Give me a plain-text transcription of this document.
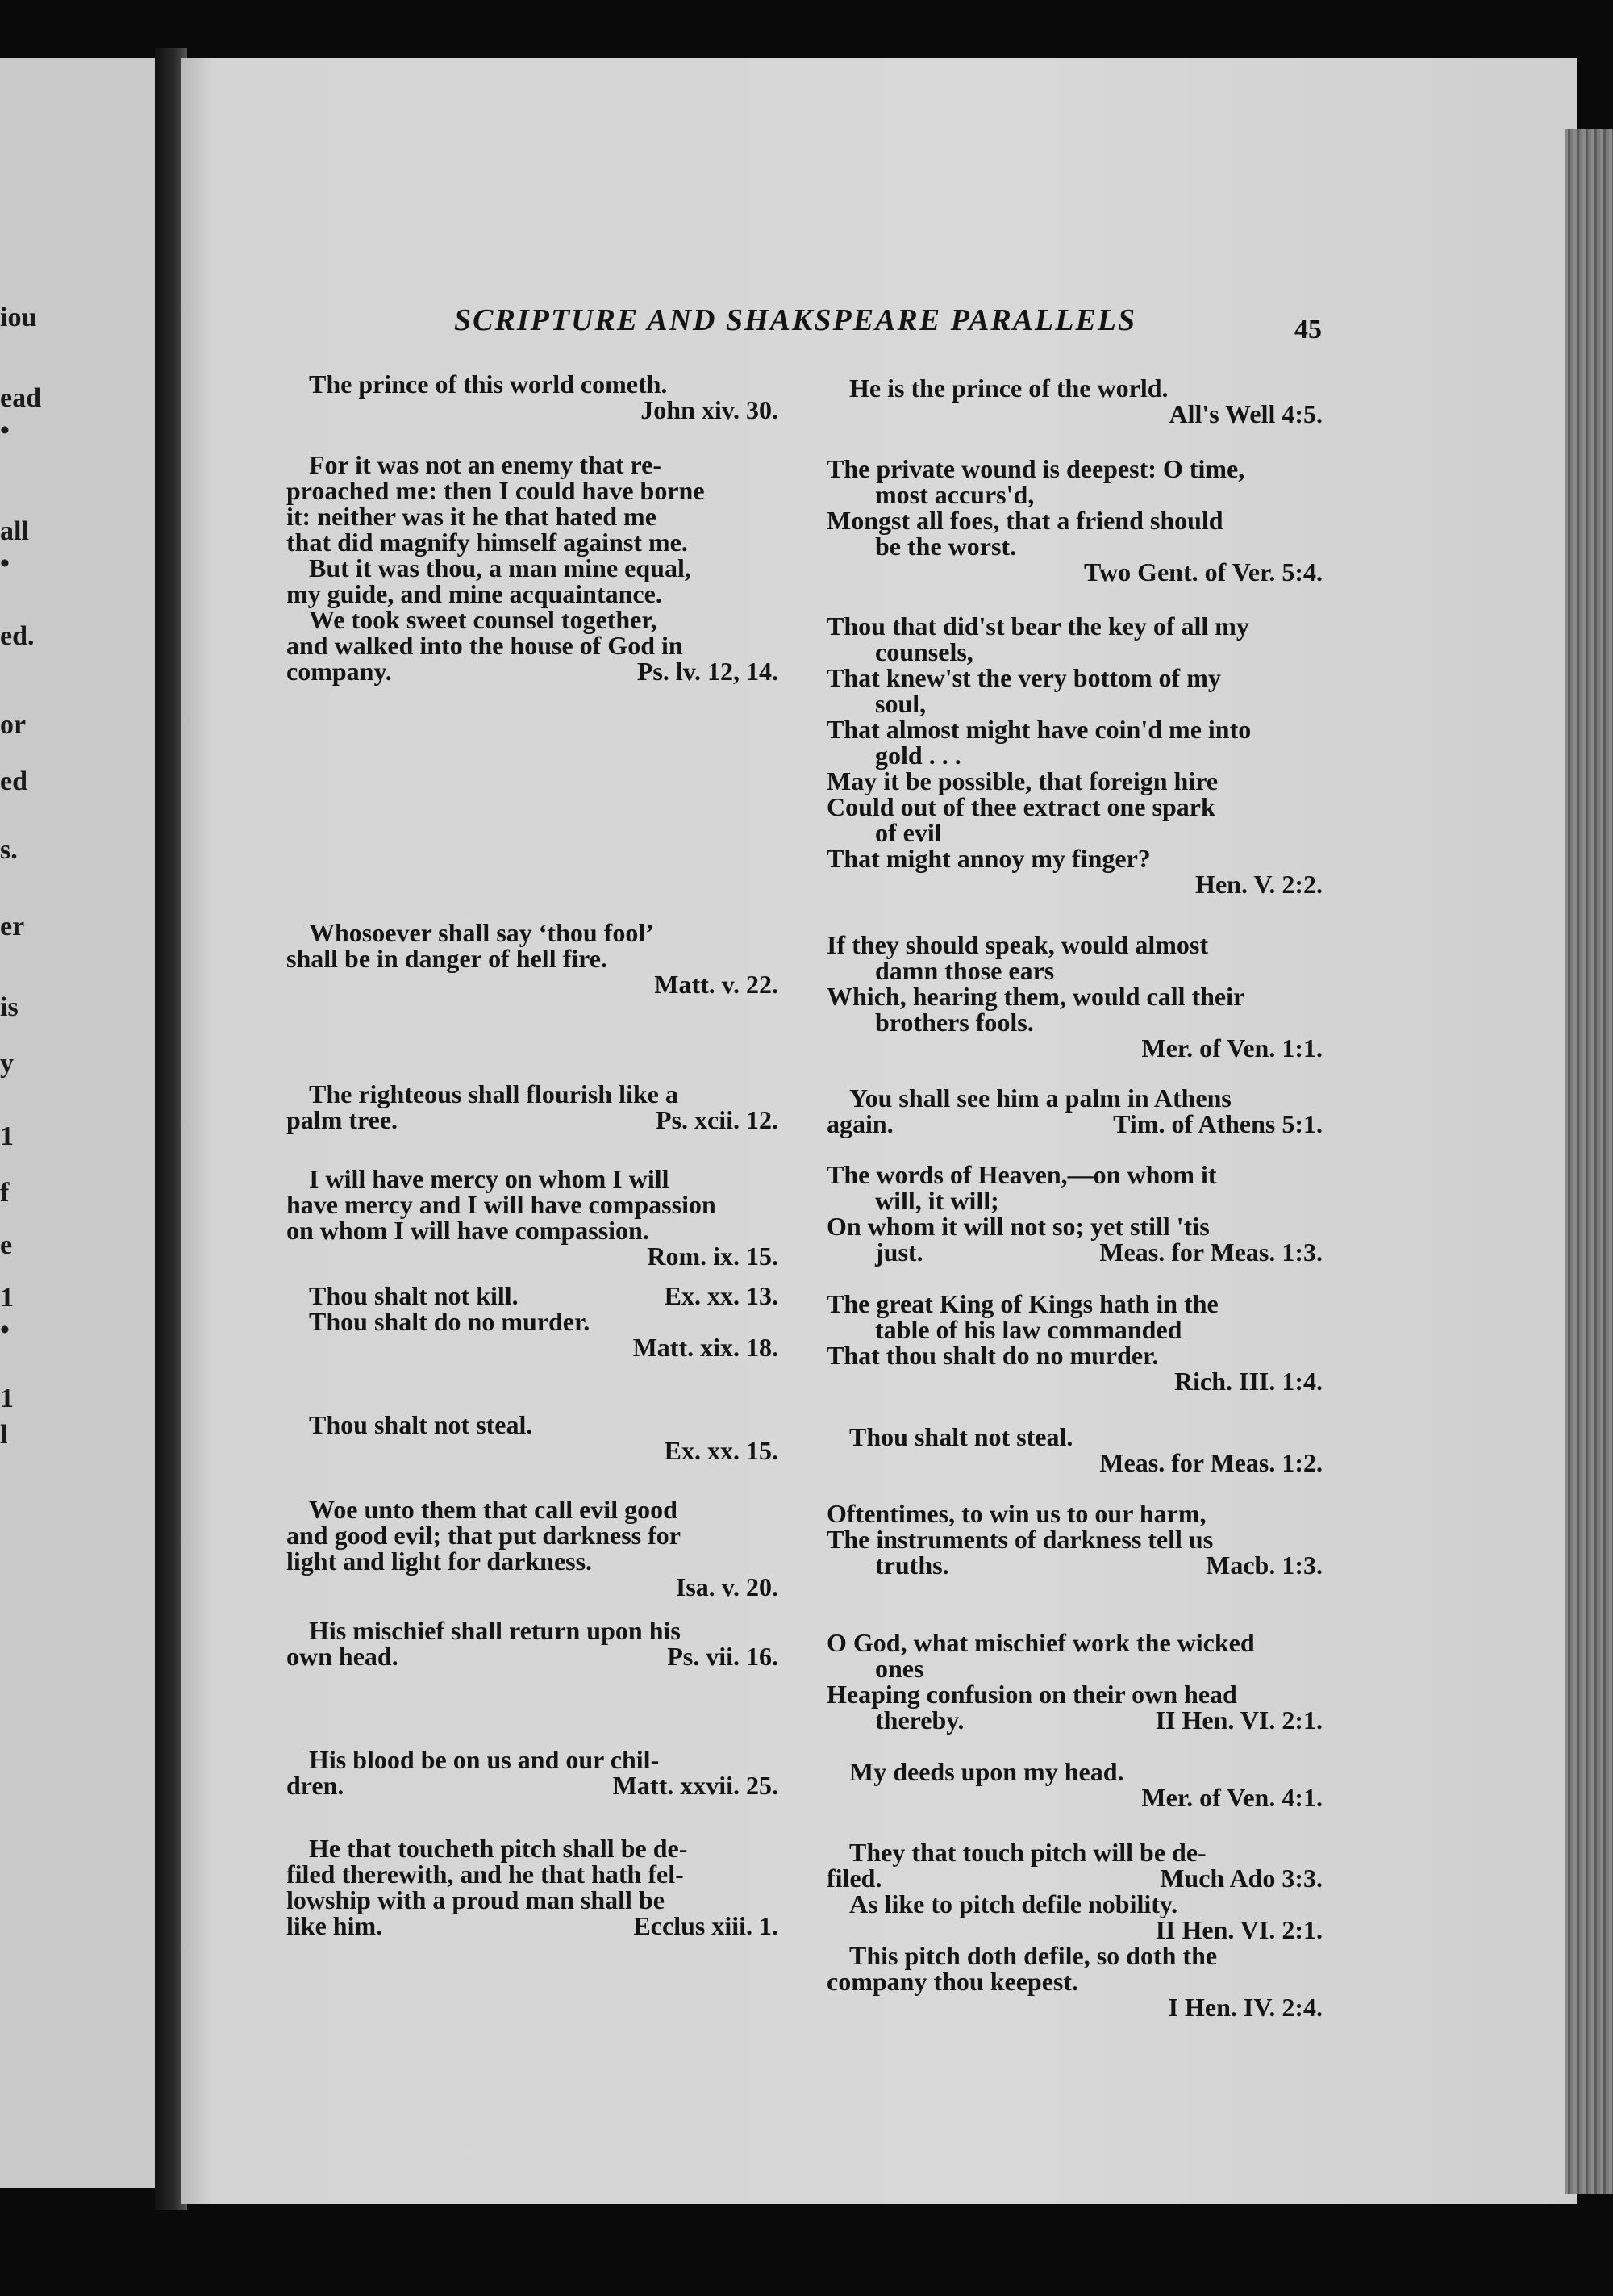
iou
ead
•
all
•
ed.
or
ed
s.
er
is
y
1
f
e
1
•
1
l
SCRIPTURE AND SHAKSPEARE PARALLELS	45
The prince of this world cometh.
John xiv. 30.
For it was not an enemy that re-
proached me: then I could have borne
it: neither was it he that hated me
that did magnify himself against me.
But it was thou, a man mine equal,
my guide, and mine acquaintance.
We took sweet counsel together,
and walked into the house of God in
company.	Ps. lv. 12, 14.
Whosoever shall say ‘thou fool’
shall be in danger of hell fire.
Matt. v. 22.
The righteous shall flourish like a
palm tree.	Ps. xcii. 12.
I will have mercy on whom I will
have mercy and I will have compassion
on whom I will have compassion.
Rom. ix. 15.
Thou shalt not kill.	Ex. xx. 13.
Thou shalt do no murder.
Matt. xix. 18.
Thou shalt not steal.
Ex. xx. 15.
Woe unto them that call evil good
and good evil; that put darkness for
light and light for darkness.
Isa. v. 20.
His mischief shall return upon his
own head.	Ps. vii. 16.
His blood be on us and our chil-
dren.	Matt. xxvii. 25.
He that toucheth pitch shall be de-
filed therewith, and he that hath fel-
lowship with a proud man shall be
like him.	Ecclus xiii. 1.
He is the prince of the world.
All's Well 4:5.
The private wound is deepest: O time,
most accurs'd,
Mongst all foes, that a friend should
be the worst.
Two Gent. of Ver. 5:4.
Thou that did'st bear the key of all my
counsels,
That knew'st the very bottom of my
soul,
That almost might have coin'd me into
gold . . .
May it be possible, that foreign hire
Could out of thee extract one spark
of evil
That might annoy my finger?
Hen. V. 2:2.
If they should speak, would almost
damn those ears
Which, hearing them, would call their
brothers fools.
Mer. of Ven. 1:1.
You shall see him a palm in Athens
again.	Tim. of Athens 5:1.
The words of Heaven,—on whom it
will, it will;
On whom it will not so; yet still 'tis
just.	Meas. for Meas. 1:3.
The great King of Kings hath in the
table of his law commanded
That thou shalt do no murder.
Rich. III. 1:4.
Thou shalt not steal.
Meas. for Meas. 1:2.
Oftentimes, to win us to our harm,
The instruments of darkness tell us
truths.	Macb. 1:3.
O God, what mischief work the wicked
ones
Heaping confusion on their own head
thereby.	II Hen. VI. 2:1.
My deeds upon my head.
Mer. of Ven. 4:1.
They that touch pitch will be de-
filed.	Much Ado 3:3.
As like to pitch defile nobility.
II Hen. VI. 2:1.
This pitch doth defile, so doth the
company thou keepest.
I Hen. IV. 2:4.
